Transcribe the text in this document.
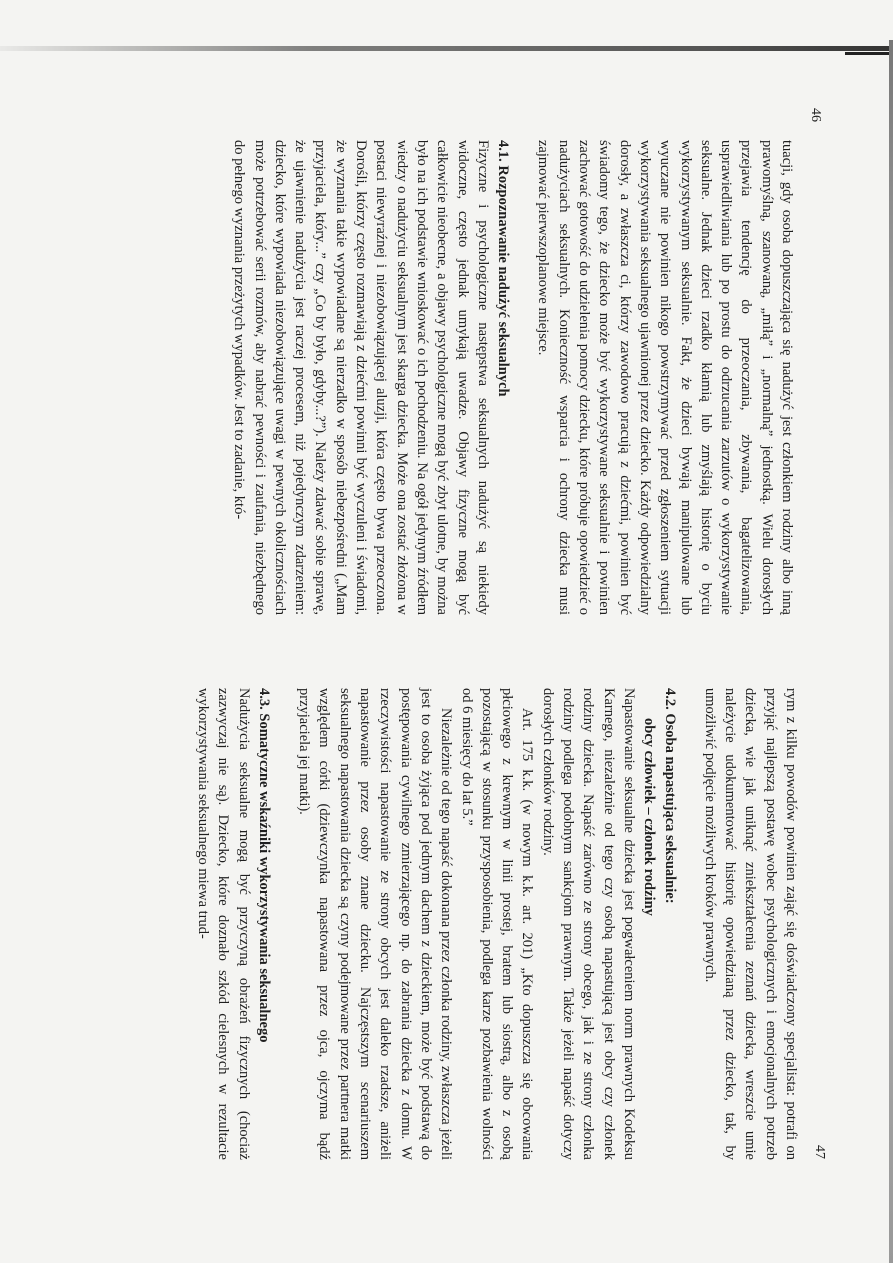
46

tuacji, gdy osoba dopuszczająca się nadużyć jest członkiem rodziny albo inną prawomyślną, szanowaną, „miłą” i „normalną” jednostką. Wielu dorosłych przejawia tendencję do przeoczania, zbywania, bagatelizowania, usprawiedliwiania lub po prostu do odrzucania zarzutów o wykorzystywanie seksualne. Jednak dzieci rzadko kłamią lub zmyślają historię o byciu wykorzystywanym seksualnie. Fakt, że dzieci bywają manipulowane lub wyuczane nie powinien nikogo powstrzymywać przed zgłoszeniem sytuacji wykorzystywania seksualnego ujawnionej przez dziecko. Każdy odpowiedzialny dorosły, a zwłaszcza ci, którzy zawodowo pracują z dziećmi, powinien być świadomy tego, że dziecko może być wykorzystywane seksualnie i powinien zachować gotowość do udzielenia pomocy dziecku, które próbuje opowiedzieć o nadużyciach seksualnych. Konieczność wsparcia i ochrony dziecka musi zajmować pierwszoplanowe miejsce.

4.1. Rozpoznawanie nadużyć seksualnych

Fizyczne i psychologiczne następstwa seksualnych nadużyć są niekiedy widoczne, często jednak umykają uwadze. Objawy fizyczne mogą być całkowicie nieobecne, a objawy psychologiczne mogą być zbyt ulotne, by można było na ich podstawie wnioskować o ich pochodzeniu. Na ogół jedynym źródłem wiedzy o nadużyciu seksualnym jest skarga dziecka. Może ona zostać złożona w postaci niewyraźnej i niezobowiązującej aluzji, która często bywa przeoczona. Dorośli, którzy często rozmawiają z dziećmi powinni być wyczuleni i świadomi, że wyznania takie wypowiadane są nierzadko w sposób niebezpośredni („Mam przyjaciela, który...” czy „Co by było, gdyby...?”). Należy zdawać sobie sprawę, że ujawnienie nadużycia jest raczej procesem, niż pojedynczym zdarzeniem: dziecko, które wypowiada niezobowiązujące uwagi w pewnych okolicznościach może potrzebować serii rozmów, aby nabrać pewności i zaufania, niezbędnego do pełnego wyznania przeżytych wypadków. Jest to zadanie, któ-

47

rym z kilku powodów powinien zająć się doświadczony specjalista: potrafi on przyjąć najlepszą postawę wobec psychologicznych i emocjonalnych potrzeb dziecka, wie jak uniknąć zniekształcenia zeznań dziecka, wreszcie umie należycie udokumentować historię opowiedzianą przez dziecko, tak, by umożliwić podjęcie możliwych kroków prawnych.

4.2. Osoba napastująca seksualnie:
obcy człowiek – członek rodziny

Napastowanie seksualne dziecka jest pogwałceniem norm prawnych Kodeksu Karnego, niezależnie od tego czy osobą napastującą jest obcy czy członek rodziny dziecka. Napaść zarówno ze strony obcego, jak i ze strony członka rodziny podlega podobnym sankcjom prawnym. Także jeżeli napaść dotyczy dorosłych członków rodziny.

Art. 175 k.k. (w nowym k.k. art. 201) „Kto dopuszcza się obcowania płciowego z krewnym w linii prostej, bratem lub siostrą, albo z osobą pozostającą w stosunku przysposobienia, podlega karze pozbawienia wolności od 6 miesięcy do lat 5.”

Niezależnie od tego napaść dokonana przez członka rodziny, zwłaszcza jeżeli jest to osoba żyjąca pod jednym dachem z dzieckiem, może być podstawą do postępowania cywilnego zmierzającego np. do zabrania dziecka z domu. W rzeczywistości napastowanie ze strony obcych jest daleko rzadsze, aniżeli napastowanie przez osoby znane dziecku. Najczęstszym scenariuszem seksualnego napastowania dziecka są czyny podejmowane przez partnera matki względem córki (dziewczynka napastowana przez ojca, ojczyma bądź przyjaciela jej matki).

4.3. Somatyczne wskaźniki wykorzystywania seksualnego

Nadużycia seksualne mogą być przyczyną obrażeń fizycznych (chociaż zazwyczaj nie są). Dziecko, które doznało szkód cielesnych w rezultacie wykorzystywania seksualnego miewa trud-
